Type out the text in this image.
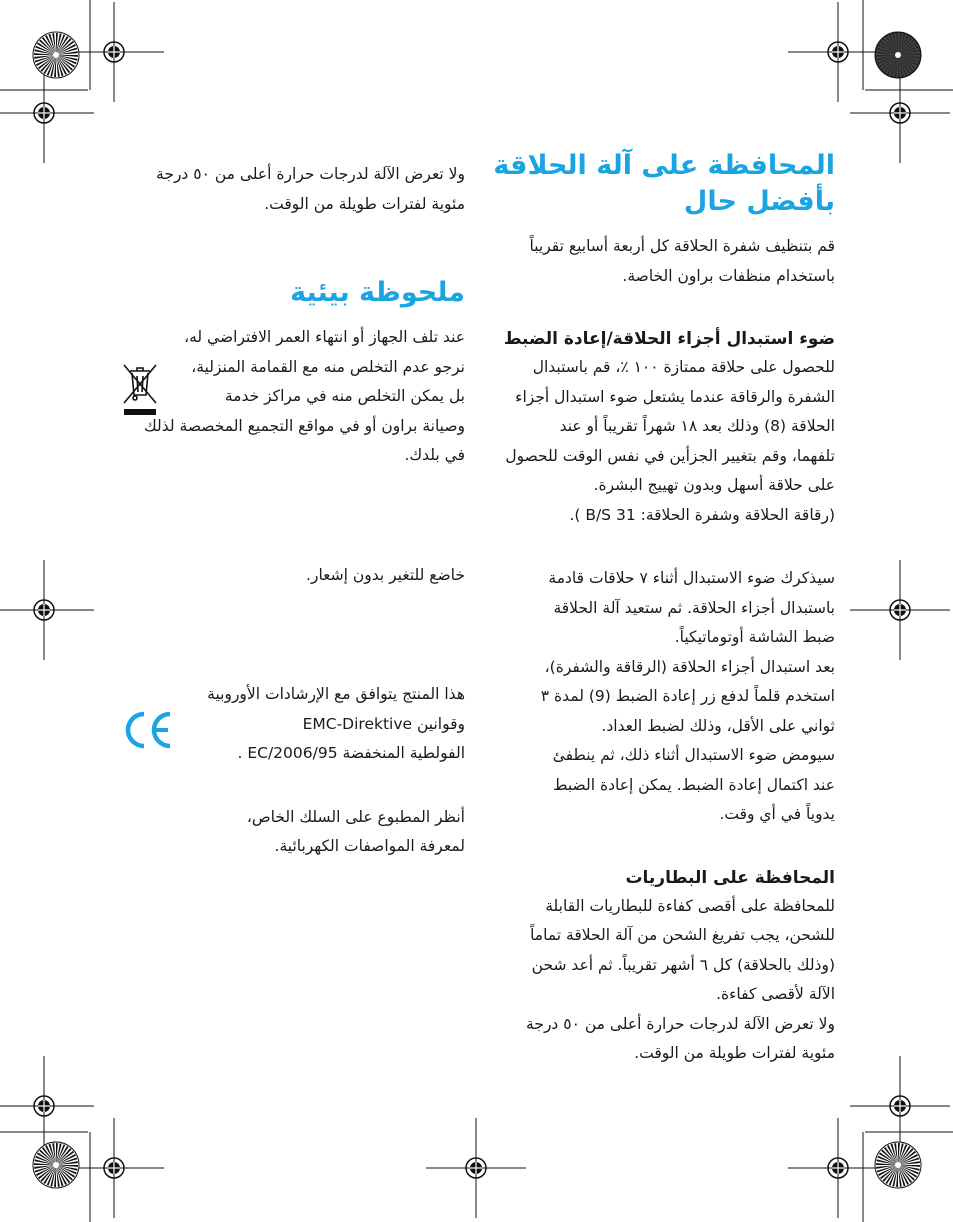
المحافظة على آلة الحلاقة بأفضل حال

قم بتنظيف شفرة الحلاقة كل أربعة أسابيع تقريباً
باستخدام منظفات براون الخاصة.

ضوء استبدال أجزاء الحلاقة/إعادة الضبط

للحصول على حلاقة ممتازة ١٠٠ ٪، قم باستبدال
الشفرة والرقاقة عندما يشتعل ضوء استبدال أجزاء
الحلاقة (8) وذلك بعد ١٨ شهراً تقريباً أو عند
تلفهما، وقم بتغيير الجزأين في نفس الوقت للحصول
على حلاقة أسهل وبدون تهييج البشرة.

(رقاقة الحلاقة وشفرة الحلاقة: 31 B/S ).

سيذكرك ضوء الاستبدال أثناء ٧ حلاقات قادمة
باستبدال أجزاء الحلاقة. ثم ستعيد آلة الحلاقة
ضبط الشاشة أوتوماتيكياً.
بعد استبدال أجزاء الحلاقة (الرقاقة والشفرة)،
استخدم قلماً لدفع زر إعادة الضبط (9) لمدة ٣
ثواني على الأقل، وذلك لضبط العداد.
سيومض ضوء الاستبدال أثناء ذلك، ثم ينطفئ
عند اكتمال إعادة الضبط. يمكن إعادة الضبط
يدوياً في أي وقت.

المحافظة على البطاريات

للمحافظة على أقصى كفاءة للبطاريات القابلة
للشحن، يجب تفريغ الشحن من آلة الحلاقة تماماً
(وذلك بالحلاقة) كل ٦ أشهر تقريباً. ثم أعد شحن
الآلة لأقصى كفاءة.
ولا تعرض الآلة لدرجات حرارة أعلى من ٥٠ درجة
مئوية لفترات طويلة من الوقت.

ولا تعرض الآلة لدرجات حرارة أعلى من ٥٠ درجة
مئوية لفترات طويلة من الوقت.

ملحوظة بيئية

عند تلف الجهاز أو انتهاء العمر الافتراضي له،
نرجو عدم التخلص منه مع القمامة المنزلية،
بل يمكن التخلص منه في مراكز خدمة
وصيانة براون أو في مواقع التجميع المخصصة لذلك
في بلدك.

خاضع للتغير بدون إشعار.

هذا المنتج يتوافق مع الإرشادات الأوروبية
وقوانين EMC-Direktive
الفولطية المنخفضة 2006/95/EC .

أنظر المطبوع على السلك الخاص،
لمعرفة المواصفات الكهربائية.
